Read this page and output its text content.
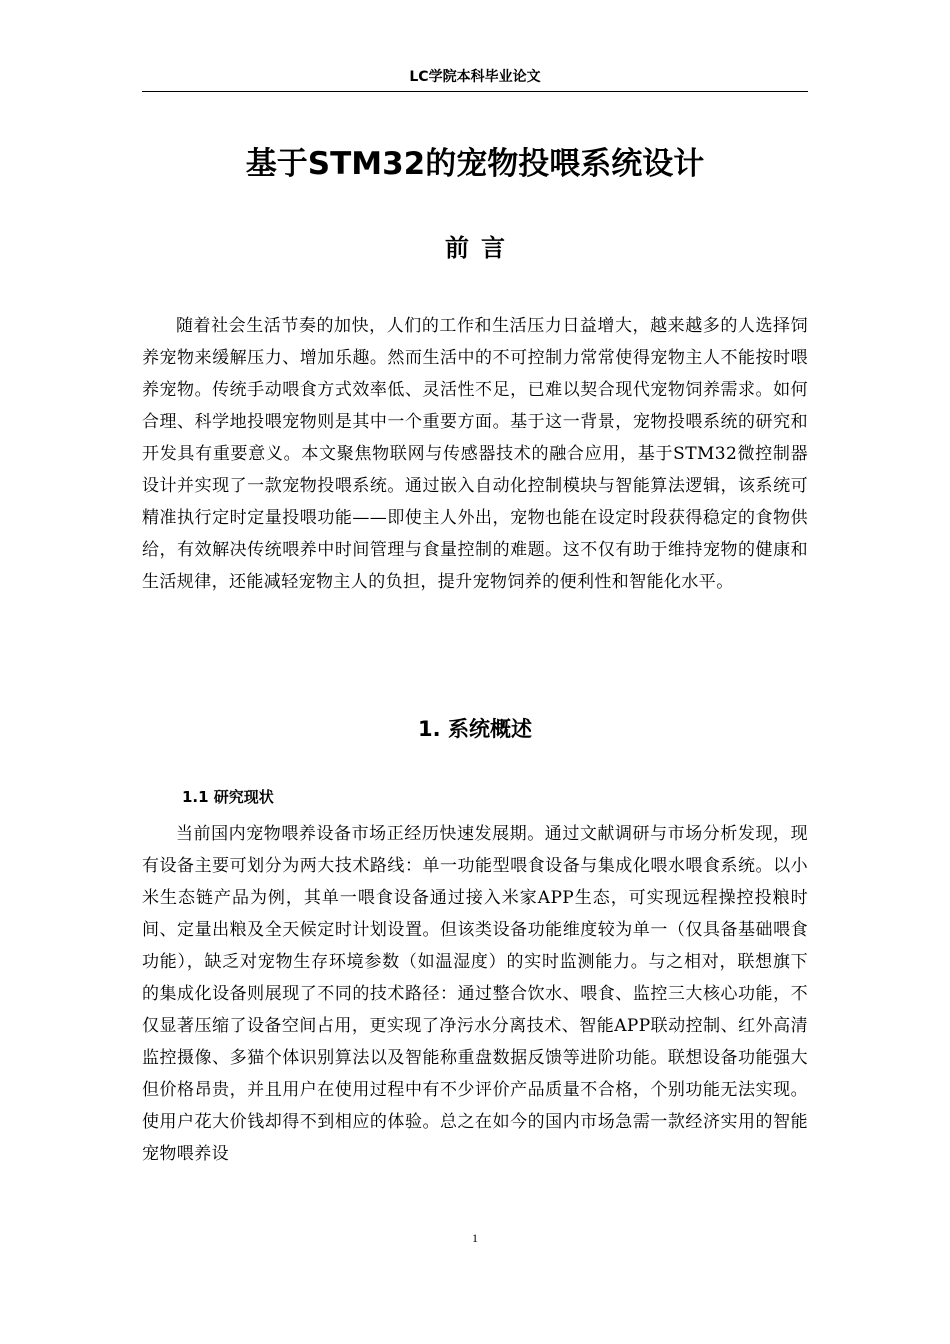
LC学院本科毕业论文
基于STM32的宠物投喂系统设计
前言

随着社会生活节奏的加快，人们的工作和生活压力日益增大，越来越多的人选择饲养宠物来缓解压力、增加乐趣。然而生活中的不可控制力常常使得宠物主人不能按时喂养宠物。传统手动喂食方式效率低、灵活性不足，已难以契合现代宠物饲养需求。如何合理、科学地投喂宠物则是其中一个重要方面。基于这一背景，宠物投喂系统的研究和开发具有重要意义。本文聚焦物联网与传感器技术的融合应用，基于STM32微控制器设计并实现了一款宠物投喂系统。通过嵌入自动化控制模块与智能算法逻辑，该系统可精准执行定时定量投喂功能——即使主人外出，宠物也能在设定时段获得稳定的食物供给，有效解决传统喂养中时间管理与食量控制的难题。这不仅有助于维持宠物的健康和生活规律，还能减轻宠物主人的负担，提升宠物饲养的便利性和智能化水平。

1. 系统概述
1.1 研究现状

当前国内宠物喂养设备市场正经历快速发展期。通过文献调研与市场分析发现，现有设备主要可划分为两大技术路线：单一功能型喂食设备与集成化喂水喂食系统。以小米生态链产品为例，其单一喂食设备通过接入米家APP生态，可实现远程操控投粮时间、定量出粮及全天候定时计划设置。但该类设备功能维度较为单一（仅具备基础喂食功能），缺乏对宠物生存环境参数（如温湿度）的实时监测能力。与之相对，联想旗下的集成化设备则展现了不同的技术路径：通过整合饮水、喂食、监控三大核心功能，不仅显著压缩了设备空间占用，更实现了净污水分离技术、智能APP联动控制、红外高清监控摄像、多猫个体识别算法以及智能称重盘数据反馈等进阶功能。联想设备功能强大但价格昂贵，并且用户在使用过程中有不少评价产品质量不合格，个别功能无法实现。使用户花大价钱却得不到相应的体验。总之在如今的国内市场急需一款经济实用的智能宠物喂养设

1
